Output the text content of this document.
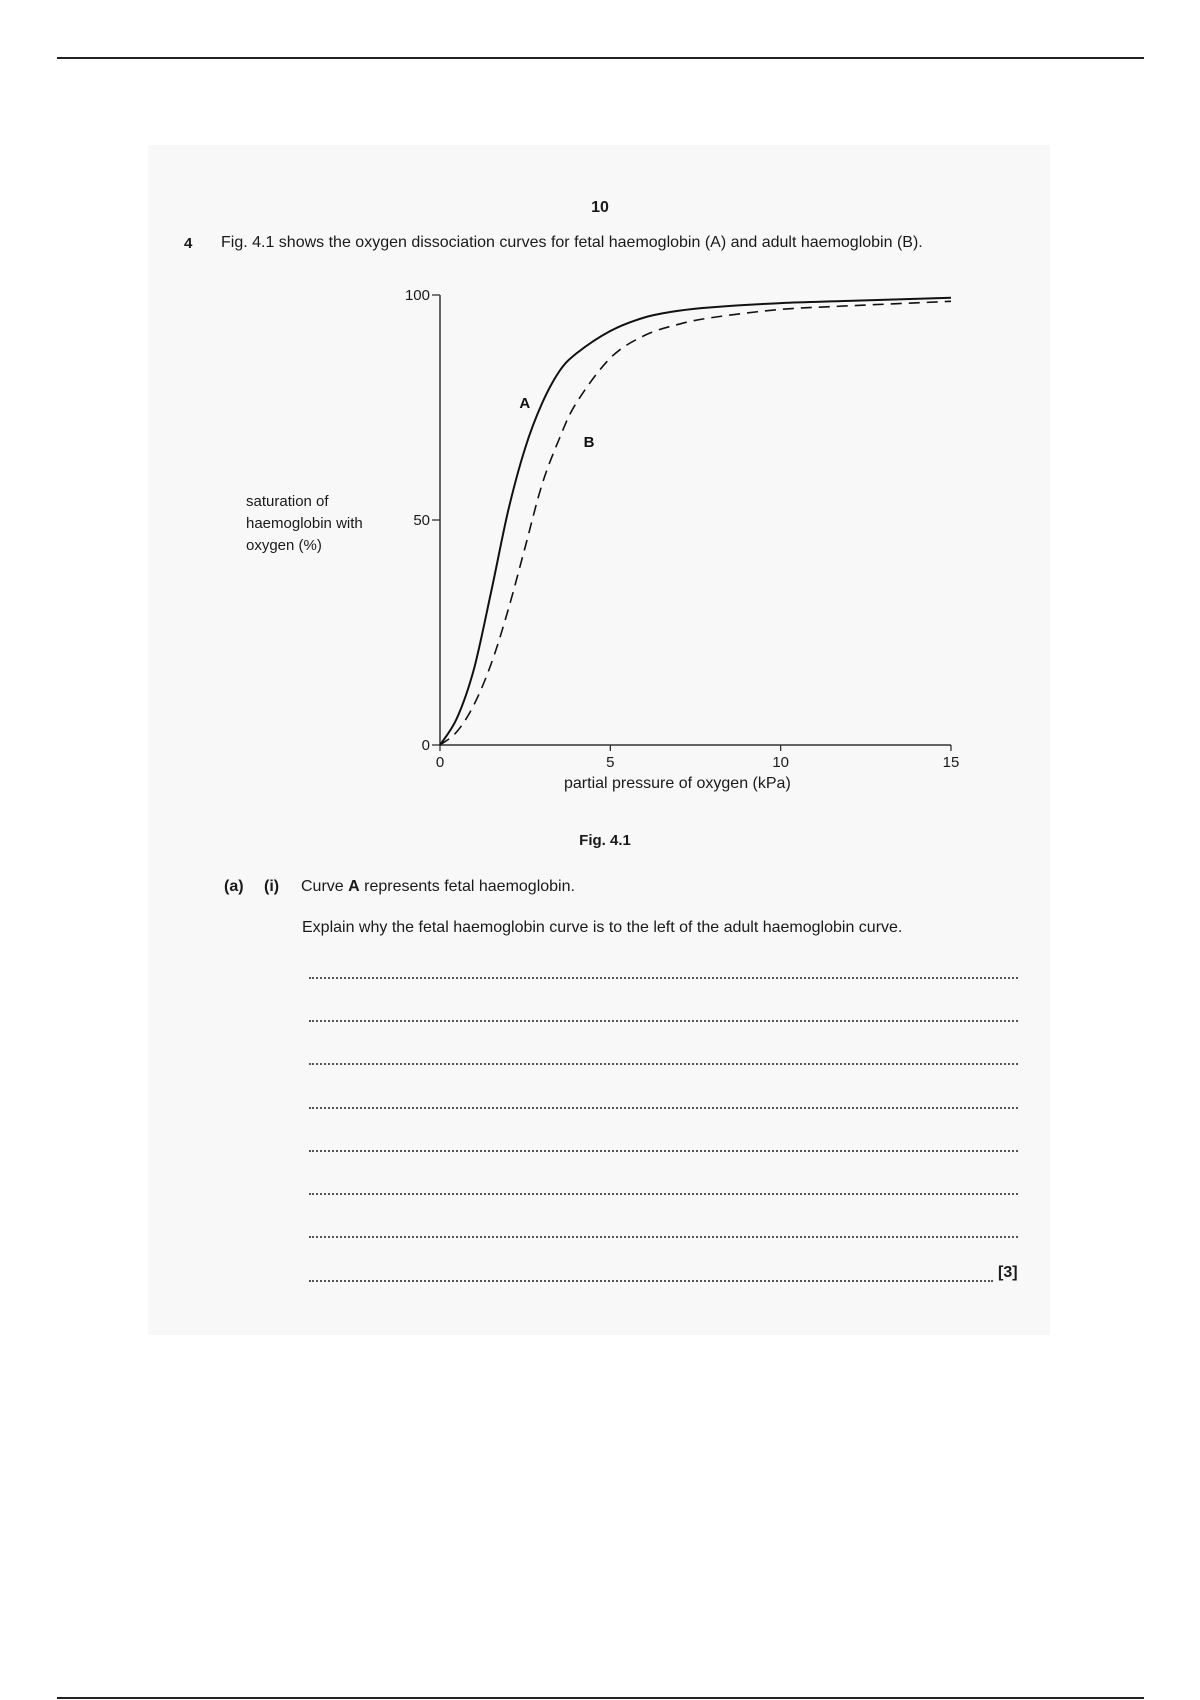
10
4 Fig. 4.1 shows the oxygen dissociation curves for fetal haemoglobin (A) and adult haemoglobin (B).
0
50
100
0	5	10	15
A
B
saturation of haemoglobin with oxygen (%)
partial pressure of oxygen (kPa)
Fig. 4.1
(a) (i) Curve A represents fetal haemoglobin.
Explain why the fetal haemoglobin curve is to the left of the adult haemoglobin curve.
[3]
